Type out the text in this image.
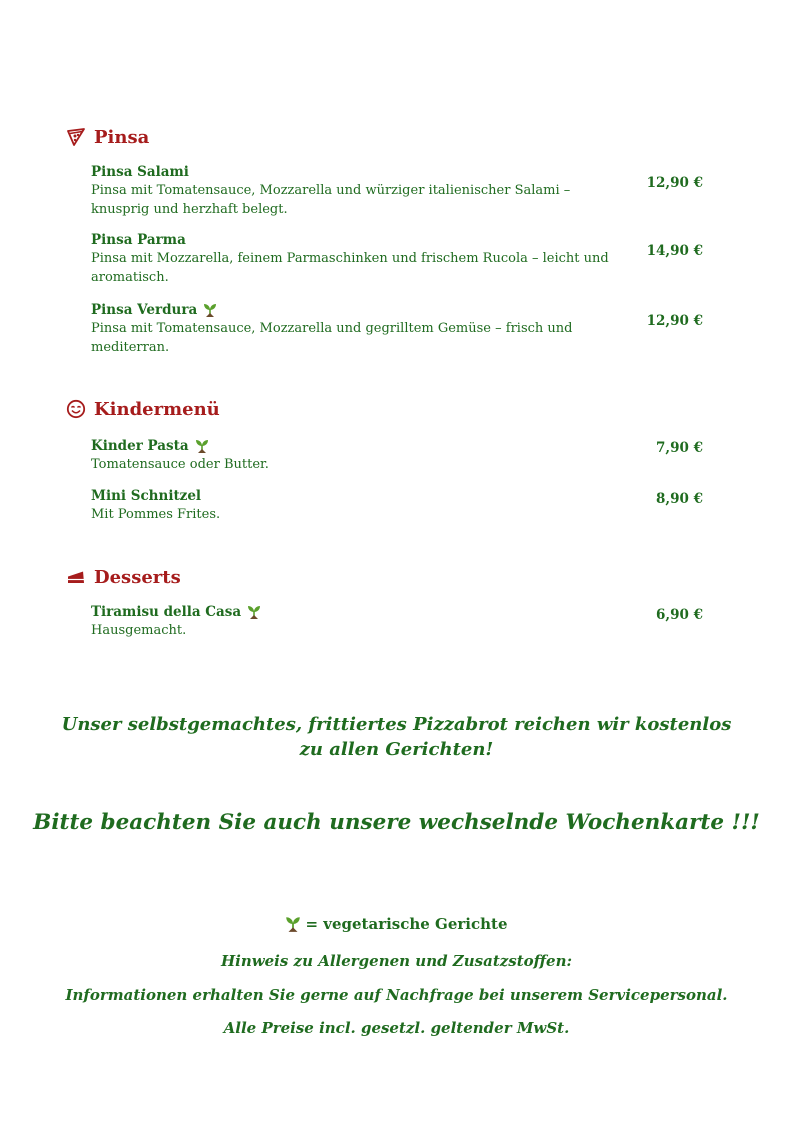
Pinsa
Pinsa Salami
Pinsa mit Tomatensauce, Mozzarella und würziger italienischer Salami – knusprig und herzhaft belegt.
12,90 €
Pinsa Parma
Pinsa mit Mozzarella, feinem Parmaschinken und frischem Rucola – leicht und aromatisch.
14,90 €
Pinsa Verdura
Pinsa mit Tomatensauce, Mozzarella und gegrilltem Gemüse – frisch und mediterran.
12,90 €
Kindermenü
Kinder Pasta
Tomatensauce oder Butter.
7,90 €
Mini Schnitzel
Mit Pommes Frites.
8,90 €
Desserts
Tiramisu della Casa
Hausgemacht.
6,90 €
Unser selbstgemachtes, frittiertes Pizzabrot reichen wir kostenlos
zu allen Gerichten!
Bitte beachten Sie auch unsere wechselnde Wochenkarte !!!
= vegetarische Gerichte
Hinweis zu Allergenen und Zusatzstoffen:
Informationen erhalten Sie gerne auf Nachfrage bei unserem Servicepersonal.
Alle Preise incl. gesetzl. geltender MwSt.
